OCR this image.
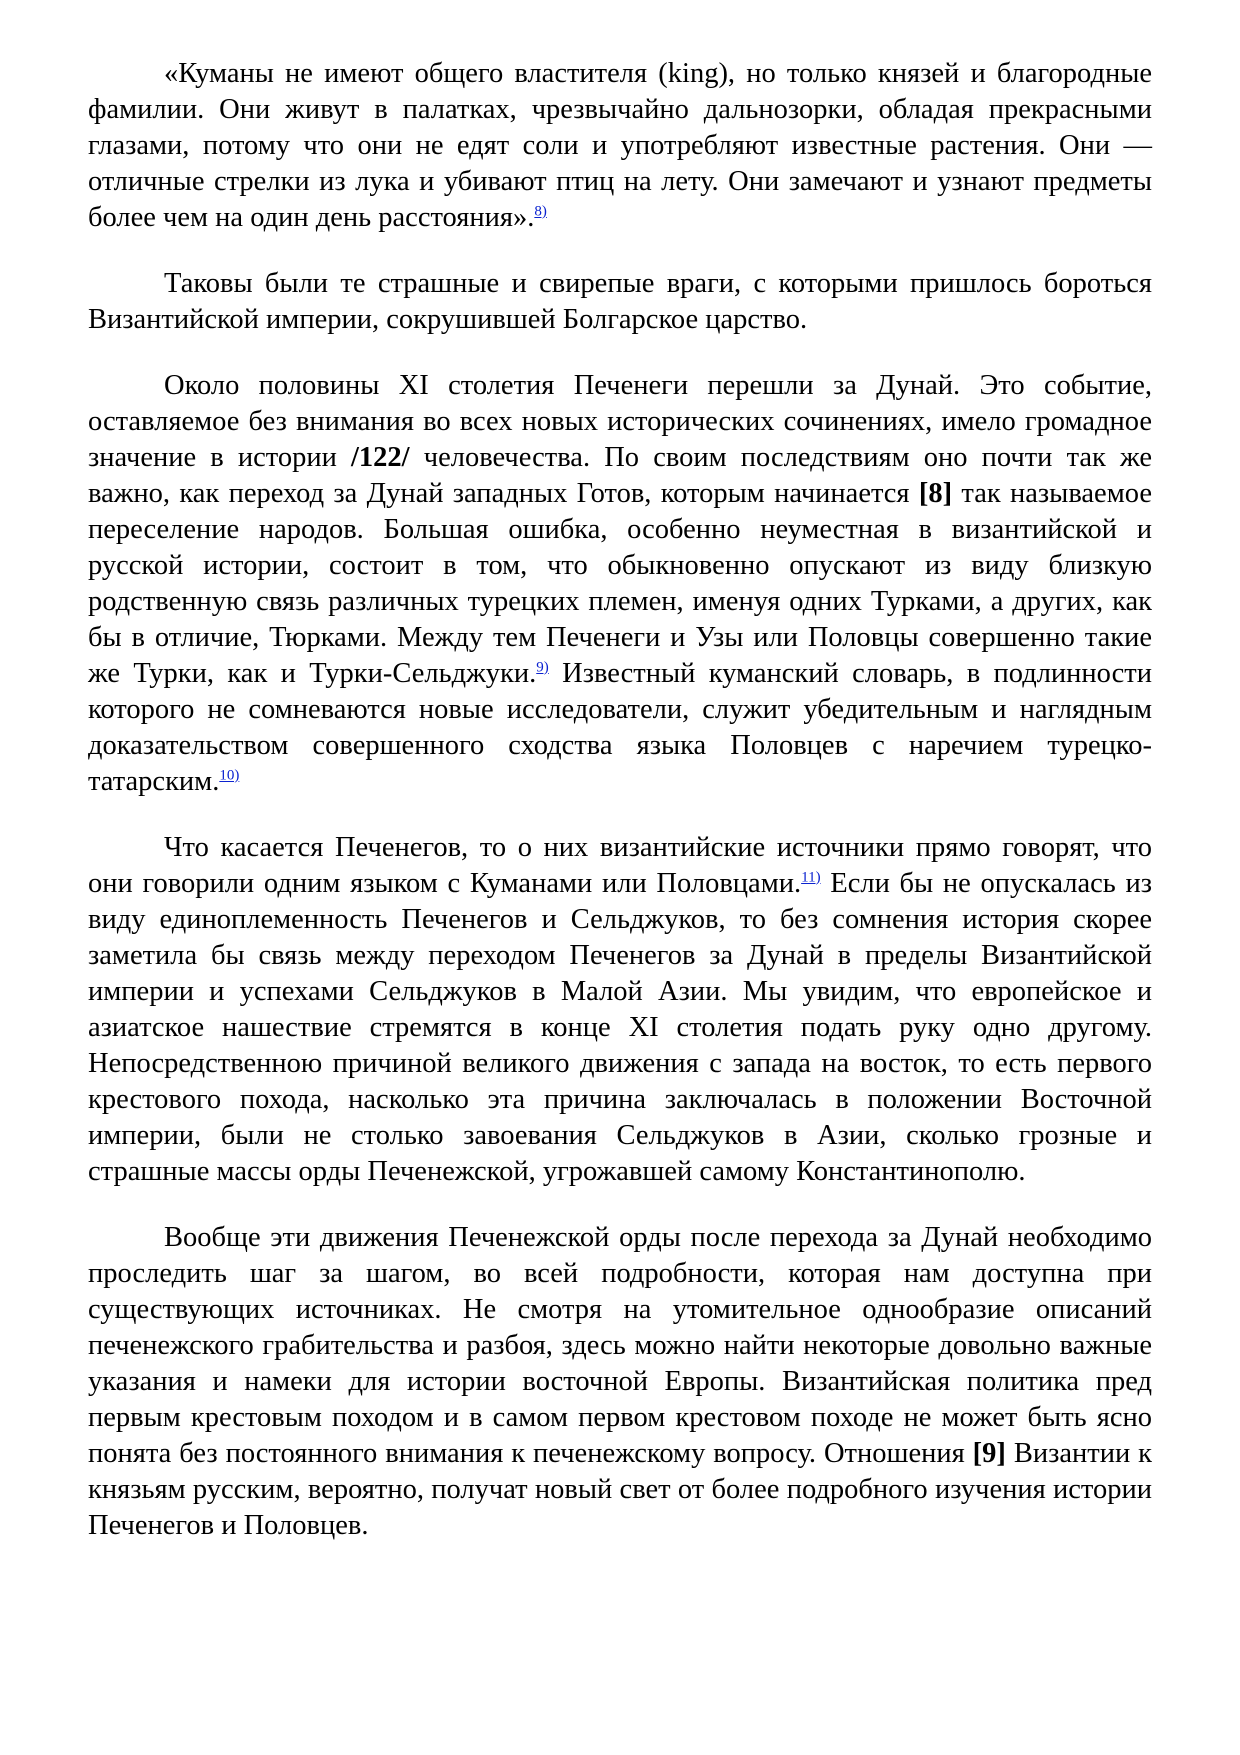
«Куманы не имеют общего властителя (king), но только князей и благородные фамилии. Они живут в палатках, чрезвычайно дальнозорки, обладая прекрасными глазами, потому что они не едят соли и употребляют известные растения. Они — отличные стрелки из лука и убивают птиц на лету. Они замечают и узнают предметы более чем на один день расстояния».$^{8)}$

Таковы были те страшные и свирепые враги, с которыми пришлось бороться Византийской империи, сокрушившей Болгарское царство.

Около половины XI столетия Печенеги перешли за Дунай. Это событие, оставляемое без внимания во всех новых исторических сочинениях, имело громадное значение в истории /122/ человечества. По своим последствиям оно почти так же важно, как переход за Дунай западных Готов, которым начинается [8] так называемое переселение народов. Большая ошибка, особенно неуместная в византийской и русской истории, состоит в том, что обыкновенно опускают из виду близкую родственную связь различных турецких племен, именуя одних Турками, а других, как бы в отличие, Тюрками. Между тем Печенеги и Узы или Половцы совершенно такие же Турки, как и Турки-Сельджуки.$^{9)}$ Известный куманский словарь, в подлинности которого не сомневаются новые исследователи, служит убедительным и наглядным доказательством совершенного сходства языка Половцев с наречием турецко-татарским.$^{10)}$

Что касается Печенегов, то о них византийские источники прямо говорят, что они говорили одним языком с Куманами или Половцами.$^{11)}$ Если бы не опускалась из виду единоплеменность Печенегов и Сельджуков, то без сомнения история скорее заметила бы связь между переходом Печенегов за Дунай в пределы Византийской империи и успехами Сельджуков в Малой Азии. Мы увидим, что европейское и азиатское нашествие стремятся в конце XI столетия подать руку одно другому. Непосредственною причиной великого движения с запада на восток, то есть первого крестового похода, насколько эта причина заключалась в положении Восточной империи, были не столько завоевания Сельджуков в Азии, сколько грозные и страшные массы орды Печенежской, угрожавшей самому Константинополю.

Вообще эти движения Печенежской орды после перехода за Дунай необходимо проследить шаг за шагом, во всей подробности, которая нам доступна при существующих источниках. Не смотря на утомительное однообразие описаний печенежского грабительства и разбоя, здесь можно найти некоторые довольно важные указания и намеки для истории восточной Европы. Византийская политика пред первым крестовым походом и в самом первом крестовом походе не может быть ясно понята без постоянного внимания к печенежскому вопросу. Отношения [9] Византии к князьям русским, вероятно, получат новый свет от более подробного изучения истории Печенегов и Половцев.
